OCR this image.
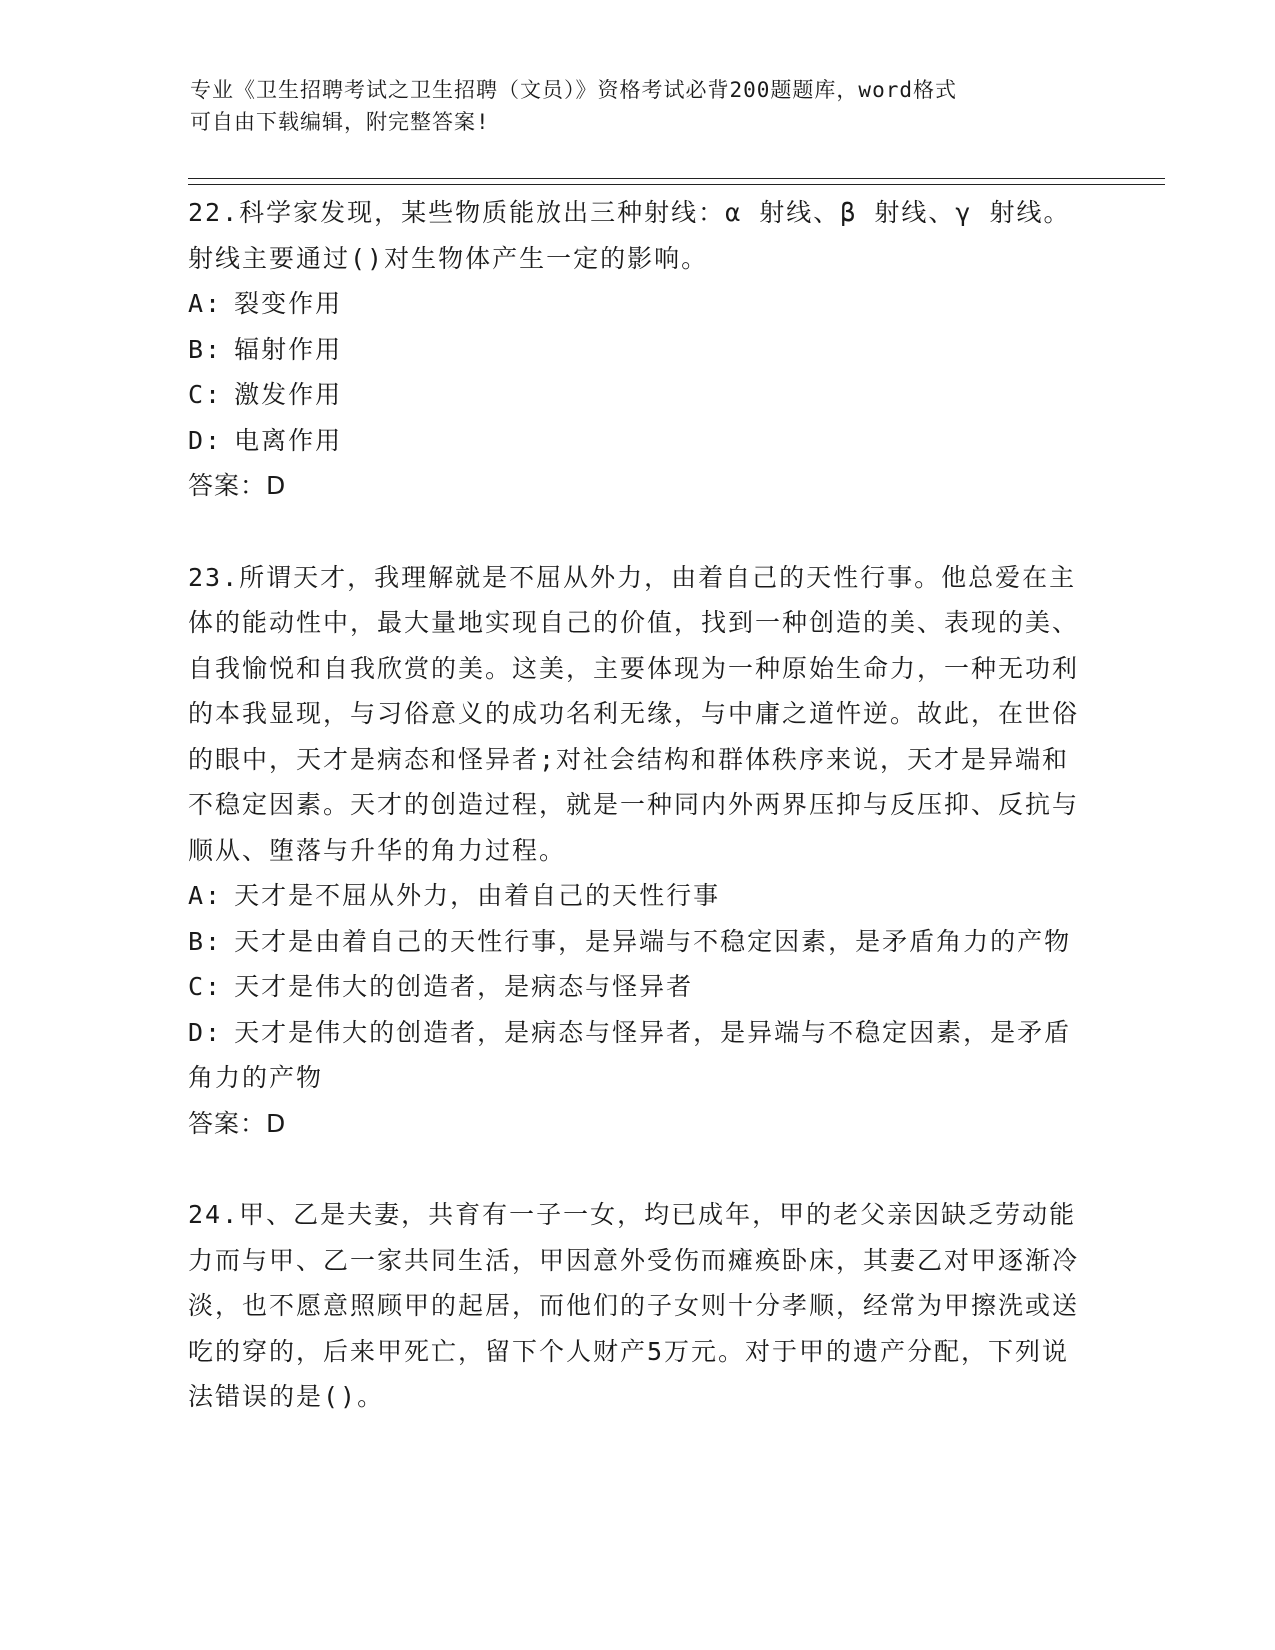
专业《卫生招聘考试之卫生招聘（文员）》资格考试必背200题题库，word格式
可自由下载编辑，附完整答案!

22.科学家发现，某些物质能放出三种射线：α 射线、β 射线、γ 射线。射线主要通过()对生物体产生一定的影响。

A: 裂变作用

B: 辐射作用

C: 激发作用

D: 电离作用

答案：D

23.所谓天才，我理解就是不屈从外力，由着自己的天性行事。他总爱在主体的能动性中，最大量地实现自己的价值，找到一种创造的美、表现的美、自我愉悦和自我欣赏的美。这美，主要体现为一种原始生命力，一种无功利的本我显现，与习俗意义的成功名利无缘，与中庸之道忤逆。故此，在世俗的眼中，天才是病态和怪异者;对社会结构和群体秩序来说，天才是异端和不稳定因素。天才的创造过程，就是一种同内外两界压抑与反压抑、反抗与顺从、堕落与升华的角力过程。

A: 天才是不屈从外力，由着自己的天性行事

B: 天才是由着自己的天性行事，是异端与不稳定因素，是矛盾角力的产物

C: 天才是伟大的创造者，是病态与怪异者

D: 天才是伟大的创造者，是病态与怪异者，是异端与不稳定因素，是矛盾角力的产物

答案：D

24.甲、乙是夫妻，共育有一子一女，均已成年，甲的老父亲因缺乏劳动能力而与甲、乙一家共同生活，甲因意外受伤而瘫痪卧床，其妻乙对甲逐渐冷淡，也不愿意照顾甲的起居，而他们的子女则十分孝顺，经常为甲擦洗或送吃的穿的，后来甲死亡，留下个人财产5万元。对于甲的遗产分配，下列说法错误的是()。
